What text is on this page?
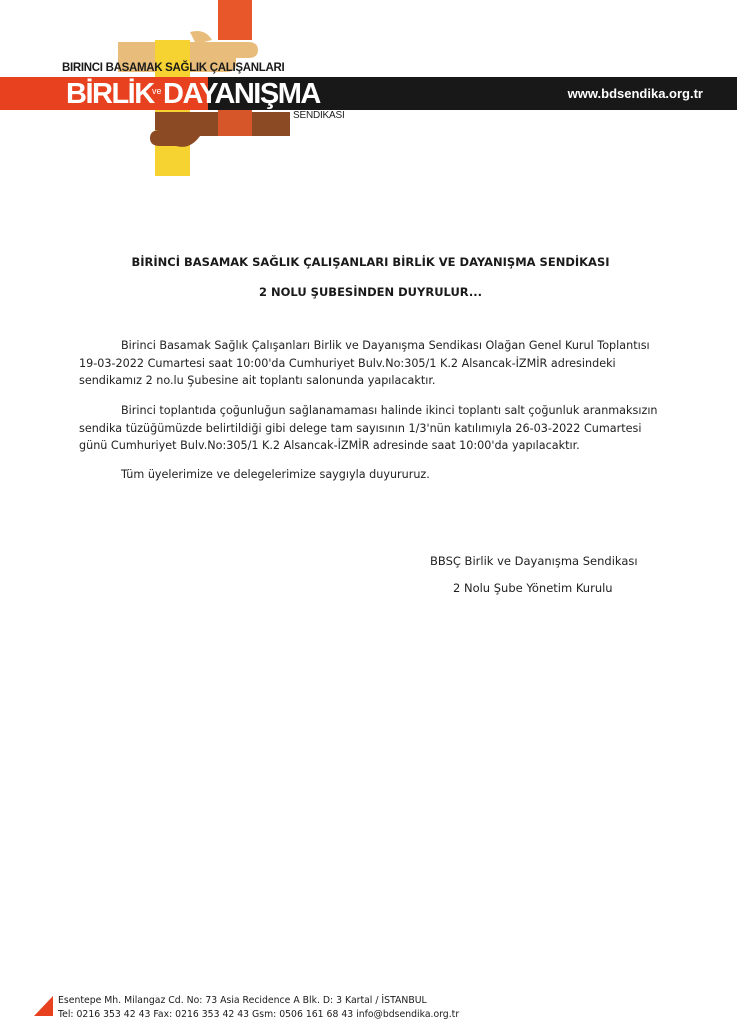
BIRINCI BASAMAK SAĞLIK ÇALIŞANLARI
BİRLİK
ve DAYANIŞMA
SENDİKASI
www.bdsendika.org.tr
BİRİNCİ BASAMAK SAĞLIK ÇALIŞANLARI BİRLİK VE DAYANIŞMA SENDİKASI
2 NOLU ŞUBESİNDEN DUYRULUR...
Birinci Basamak Sağlık Çalışanları Birlik ve Dayanışma Sendikası Olağan Genel Kurul Toplantısı
19-03-2022 Cumartesi saat 10:00'da Cumhuriyet Bulv.No:305/1 K.2 Alsancak-İZMİR adresindeki
sendikamız 2 no.lu Şubesine ait toplantı salonunda yapılacaktır.
Birinci toplantıda çoğunluğun sağlanamaması halinde ikinci toplantı salt çoğunluk aranmaksızın
sendika tüzüğümüzde belirtildiği gibi delege tam sayısının 1/3'nün katılımıyla 26-03-2022 Cumartesi
günü Cumhuriyet Bulv.No:305/1 K.2 Alsancak-İZMİR adresinde saat 10:00'da yapılacaktır.
Tüm üyelerimize ve delegelerimize saygıyla duyururuz.
BBSÇ Birlik ve Dayanışma Sendikası
2 Nolu Şube Yönetim Kurulu
Esentepe Mh. Milangaz Cd. No: 73 Asia Recidence A Blk. D: 3 Kartal / İSTANBUL
Tel: 0216 353 42 43 Fax: 0216 353 42 43 Gsm: 0506 161 68 43 info@bdsendika.org.tr
